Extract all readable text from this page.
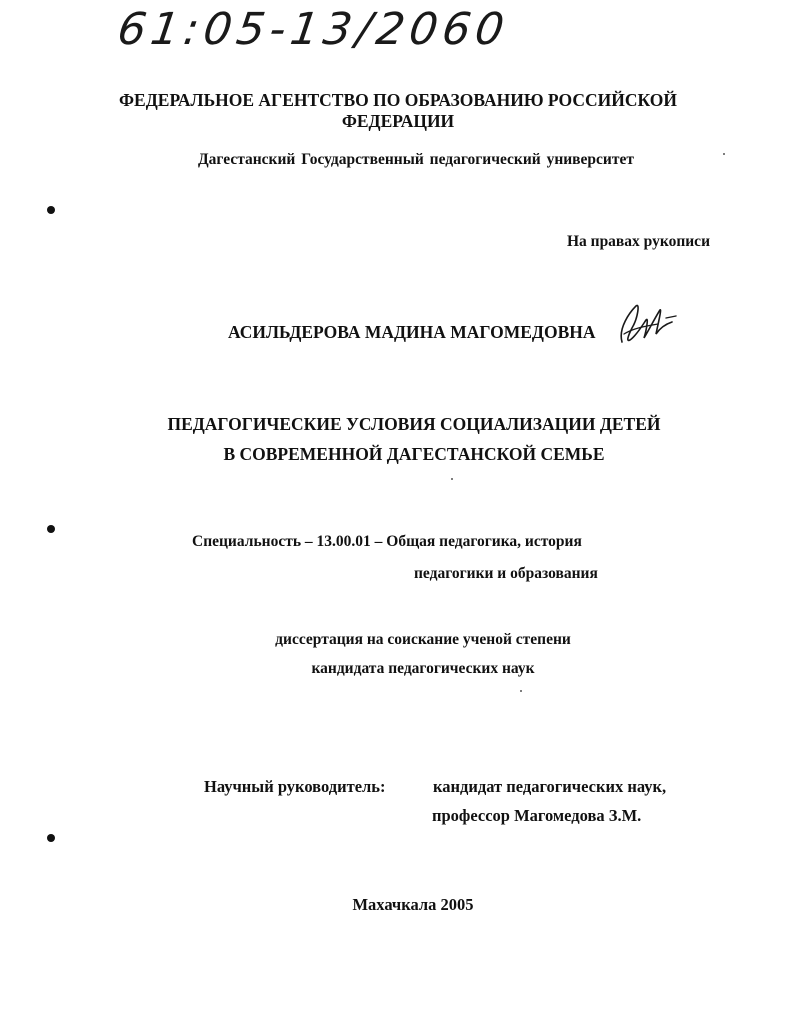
61:05-13/2060
ФЕДЕРАЛЬНОЕ АГЕНТСТВО ПО ОБРАЗОВАНИЮ РОССИЙСКОЙ
ФЕДЕРАЦИИ
Дагестанский Государственный педагогический университет
На правах рукописи
АСИЛЬДЕРОВА МАДИНА МАГОМЕДОВНА
ПЕДАГОГИЧЕСКИЕ УСЛОВИЯ СОЦИАЛИЗАЦИИ ДЕТЕЙ
В СОВРЕМЕННОЙ ДАГЕСТАНСКОЙ СЕМЬЕ
Специальность – 13.00.01 – Общая педагогика, история
педагогики и образования
диссертация на соискание ученой степени
кандидата педагогических наук
Научный руководитель:	кандидат педагогических наук,
профессор Магомедова З.М.
Махачкала 2005
